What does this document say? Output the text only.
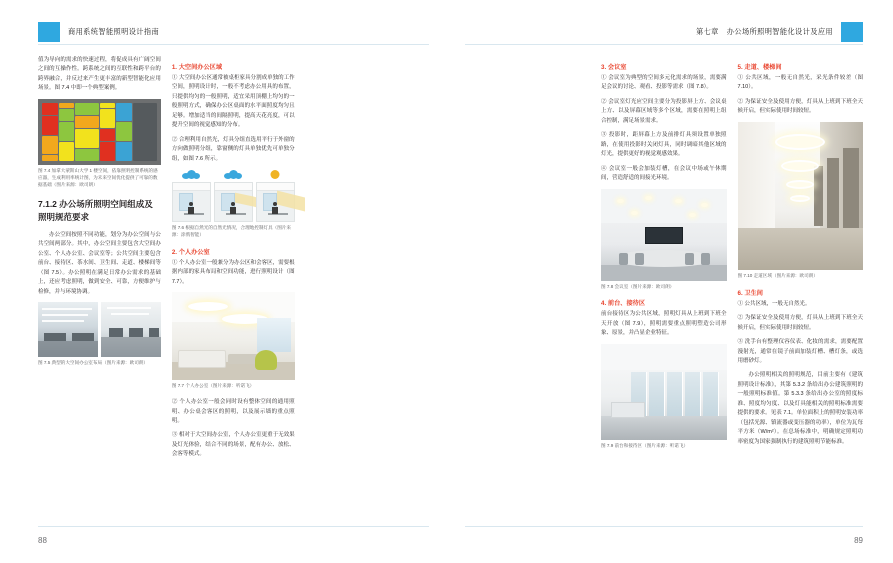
商用系统智能照明设计指南

值为导向的需求的快速过程，将促成具有广阔空间之间的互操作性。跨系统之间的互联性和跨平台的跨界融合，并反过来产生更丰富的新型智能化应用场景。图 7.4 中即一个典型案例。

图 7.4 加拿大蒙斯山大学 1 楼空间，依靠照明控制系统的感应器，生成利用率统计图，为未来空间优化提供了可靠的数据基础（图片来源：欧司朗）
7.1.2 办公场所照明空间组成及照明规范要求

办公空间按照不同功能，划分为办公空间与公共空间两部分。其中，办公空间主要包含大空间办公室、个人办公室、会议室等；公共空间主要包含前台、接待区、茶水间、卫生间、走道、楼梯间等（图 7.5）。办公照明在满足日常办公需求的基础上，还应考虑照明，做到安全、可靠，方便维护与检修，并与环境协调。

图 7.5 典型的大空间办公室布局（图片来源：欧司朗）
1. 大空间办公区域

① 大空间办公区通常被桌柜家具分割成单独的工作空间，照明设计时，一般不考虑办公用具的布置，只提供均匀的一般照明，适宜采用顶棚上均匀的一般照明方式，确保办公区桌面的水平面照度均匀且足够。增加适当的间隔照明，提高天花亮度，可以提升空间的视觉感知的分布。

② 合理利用自然光，灯具分组直选用平行于外窗的方向做照明分组，靠窗侧的灯具单独优先可单独分组，如图 7.6 所示。

图 7.6 根据自然光的自然光情况，合理地控制灯具（图片来源：涂鸦智能）
2. 个人办公室

① 个人办公室一般兼分为办公区和会客区，需要根据内部的家具布局和空间功能，进行照明设计（图 7.7）。

图 7.7 个人办公室（图片来源：听诺飞）

② 个人办公室一般会同时设有整体空间的通用照明、办公桌会客区的照明，以及展示墙的重点照明。

③ 相对于大空间办公室，个人办公室更重于无效果及灯光体验，结合不同的场景，配有办公、放松、会客等模式。

88
第七章 办公场所照明智能化设计及应用
3. 会议室

① 会议室为典型的空间多元化需求的场景，需要满足会议的讨论、观看、投影等需求（图 7.8）。

② 会议室灯光应空间主要分为投影屏上方、会议桌上方、以及屏幕区域等多个区域，需要在照明上组合控制，满足场景需求。

③ 投影时，距屏幕上方及前排灯具须设置单独照路，在使用投影时关闭灯具，同时调暗其他区域的灯光，提供更好的视觉观感效果。

④ 会议室一般会加装灯槽，在会议中场或午休期间，营造舒适的间接光环境。

图 7.8 会议室（图片来源：欧司朗）
4. 前台、接待区

前台接待区为公共区域，照明灯具从上班到下班全天开放（图 7.9），照明需要重点照明塑造公司形象、原景，并凸显企业特征。

图 7.9 前台和接待区（图片来源：听诺飞）
5. 走道、楼梯间

① 公共区域，一般无自然光，采光条件较差（图 7.10）。

② 为保证安全及使用方便，灯具从上班到下班全天候开启，但实际使用时间较短。

图 7.10 走道区域（图片来源：欧司朗）
6. 卫生间

① 公共区域，一般无自然光。

② 为保证安全及使用方便，灯具从上班到下班全天候开启，但实际使用时间较短。

③ 洗手台有整理仪容仪表、化妆的需求，需要配置漫射光，通常在镜子前面加装灯槽、槽灯条，或选用磨砂灯。

办公照明相关的照明规范，目前主要有《建筑照明设计标准》，其第 5.3.2 条给出办公建筑照明的一般照明标准值。第 5.3.3 条给出办公室的照度标准、照度均匀度、以及灯具能相关的照明标准需要提供的要求。见表 7.1。单位面积上的照明安装功率（包括光源、镇流器或变压器的功率），单位为瓦每平方米（W/m²）。在总场标准中，明确规定照明功率密度为国家强制执行的建筑照明节能标准。

89
